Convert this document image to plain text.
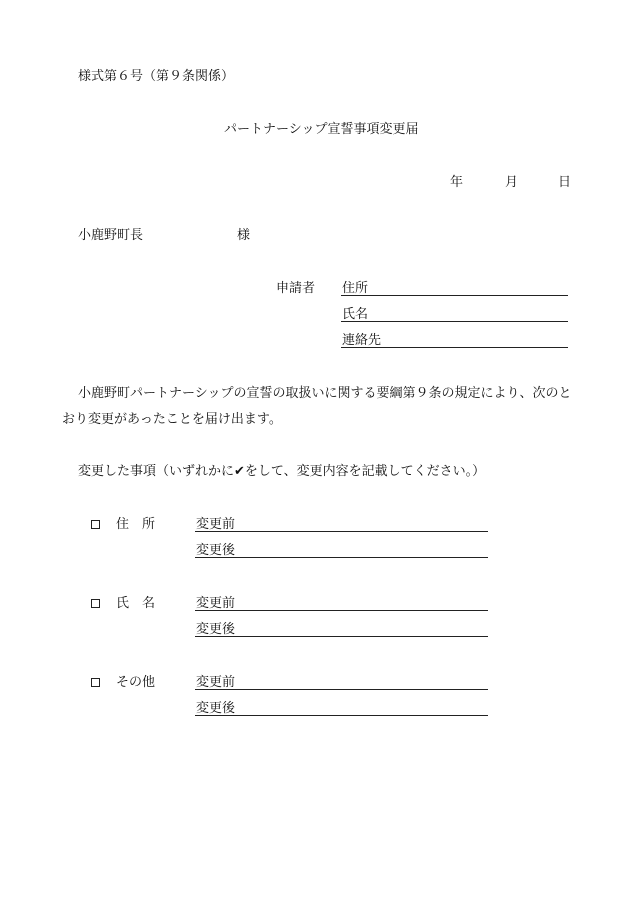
様式第６号（第９条関係）
パートナーシップ宣誓事項変更届
年	月	日
小鹿野町長	様
申請者 住所
氏名
連絡先
小鹿野町パートナーシップの宣誓の取扱いに関する要綱第９条の規定により、次のと
おり変更があったことを届け出ます。
変更した事項（いずれかに✔をして、変更内容を記載してください。）
住　所	変更前
変更後
氏　名	変更前
変更後
その他	変更前
変更後
